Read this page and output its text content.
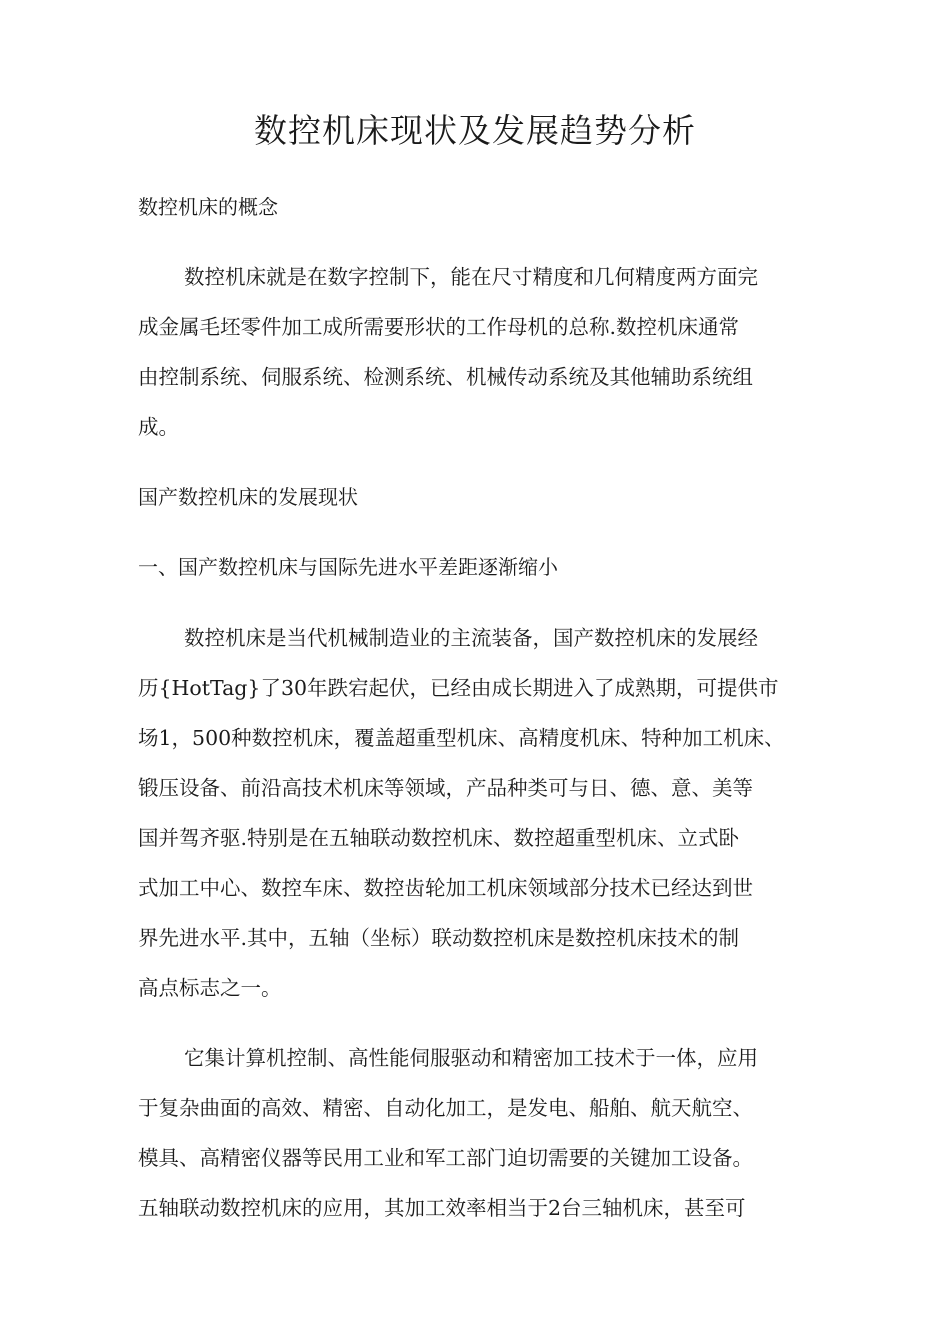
数控机床现状及发展趋势分析
数控机床的概念

数控机床就是在数字控制下，能在尺寸精度和几何精度两方面完

成金属毛坯零件加工成所需要形状的工作母机的总称.数控机床通常

由控制系统、伺服系统、检测系统、机械传动系统及其他辅助系统组

成。

国产数控机床的发展现状
一、国产数控机床与国际先进水平差距逐渐缩小

数控机床是当代机械制造业的主流装备，国产数控机床的发展经

历{HotTag}了30年跌宕起伏，已经由成长期进入了成熟期，可提供市

场1，500种数控机床，覆盖超重型机床、高精度机床、特种加工机床、

锻压设备、前沿高技术机床等领域，产品种类可与日、德、意、美等

国并驾齐驱.特别是在五轴联动数控机床、数控超重型机床、立式卧

式加工中心、数控车床、数控齿轮加工机床领域部分技术已经达到世

界先进水平.其中，五轴（坐标）联动数控机床是数控机床技术的制

高点标志之一。

它集计算机控制、高性能伺服驱动和精密加工技术于一体，应用

于复杂曲面的高效、精密、自动化加工，是发电、船舶、航天航空、

模具、高精密仪器等民用工业和军工部门迫切需要的关键加工设备。

五轴联动数控机床的应用，其加工效率相当于2台三轴机床，甚至可
